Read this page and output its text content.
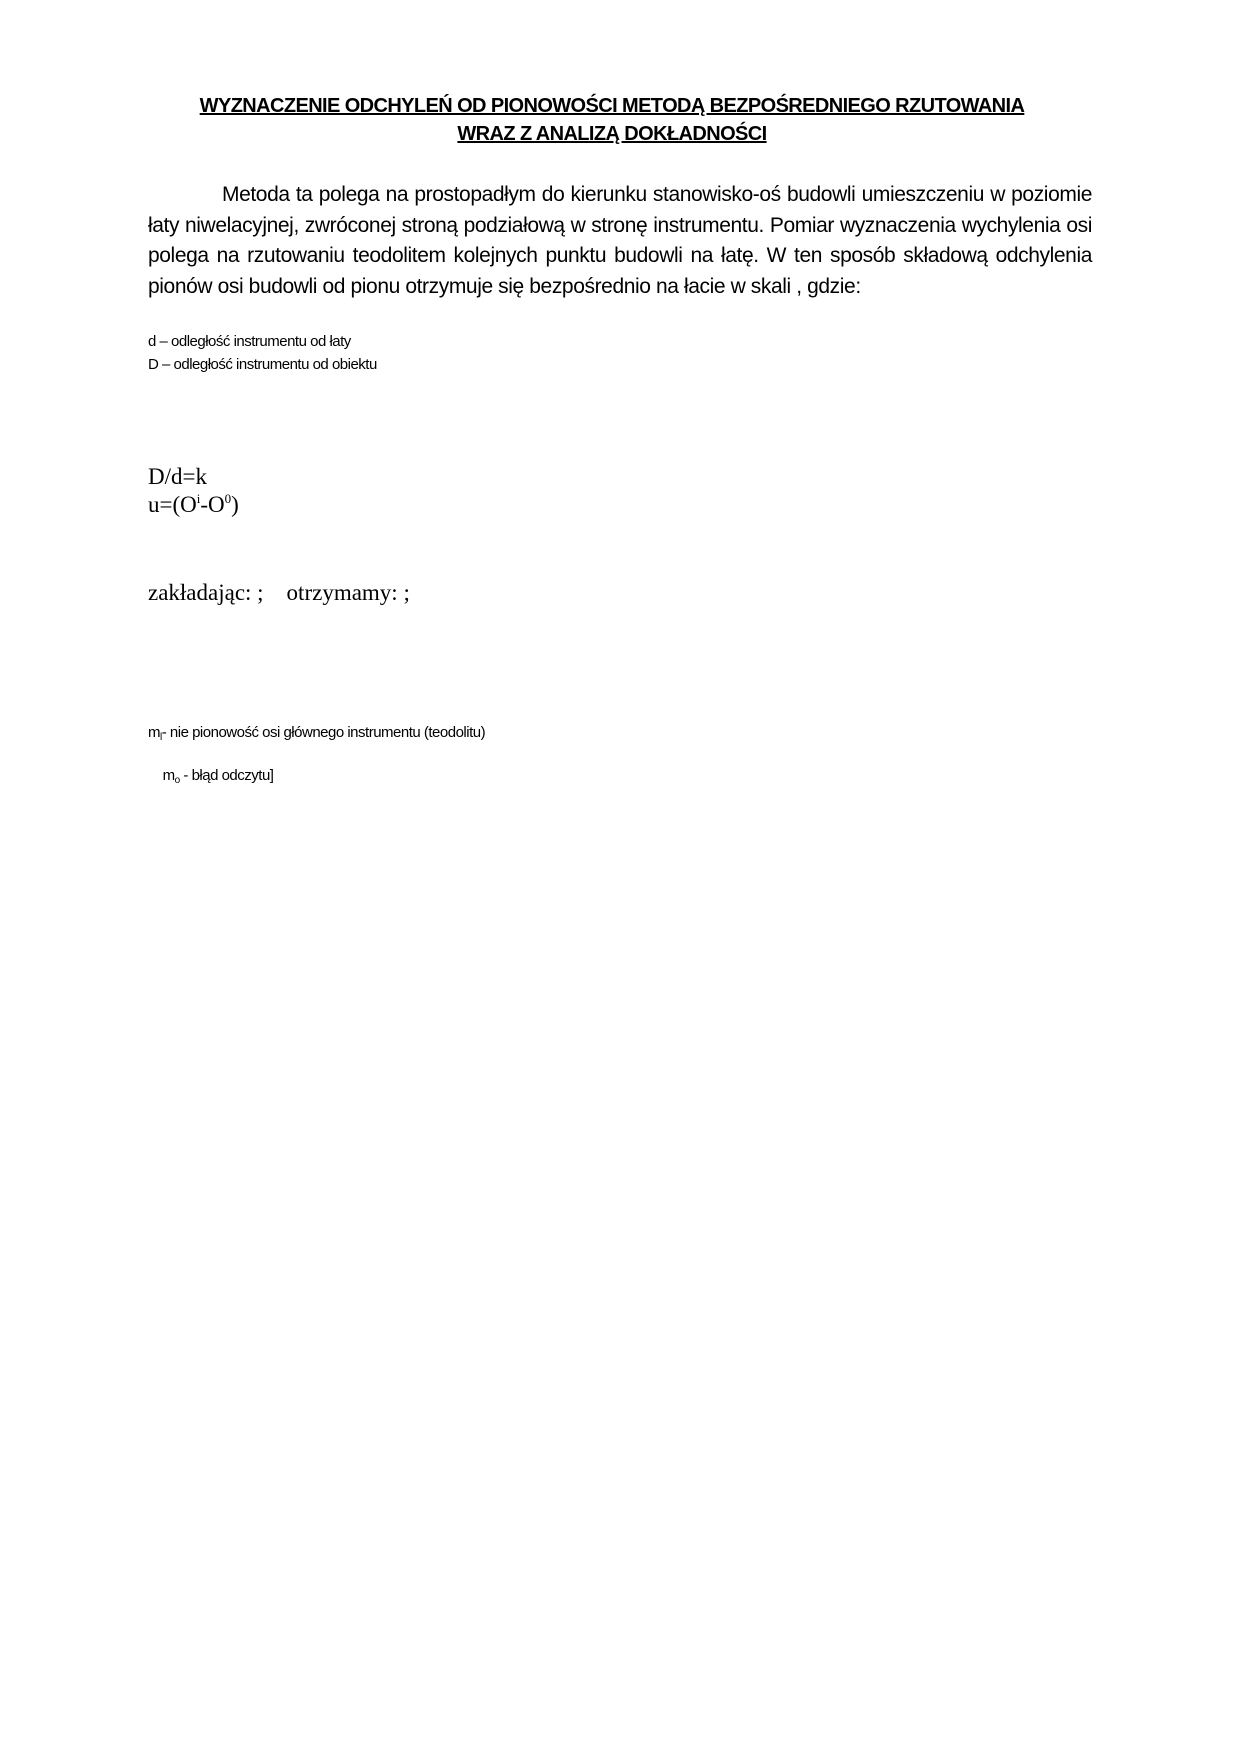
WYZNACZENIE ODCHYLEŃ OD PIONOWOŚCI METODĄ BEZPOŚREDNIEGO RZUTOWANIA
WRAZ Z ANALIZĄ DOKŁADNOŚCI
Metoda ta polega na prostopadłym do kierunku stanowisko-oś budowli umieszczeniu w poziomie łaty niwelacyjnej, zwróconej stroną podziałową w stronę instrumentu. Pomiar wyznaczenia wychylenia osi polega na rzutowaniu teodolitem kolejnych punktu budowli na łatę. W ten sposób składową odchylenia pionów osi budowli od pionu otrzymuje się bezpośrednio na łacie w skali , gdzie:
d – odległość instrumentu od łaty
D – odległość instrumentu od obiektu
D/d=k
$u=(O^i-O^0)$
zakładając: ;    otrzymamy: ;
$m_l-$ nie pionowość osi głównego instrumentu (teodolitu)

$m_o$ - błąd odczytu]
